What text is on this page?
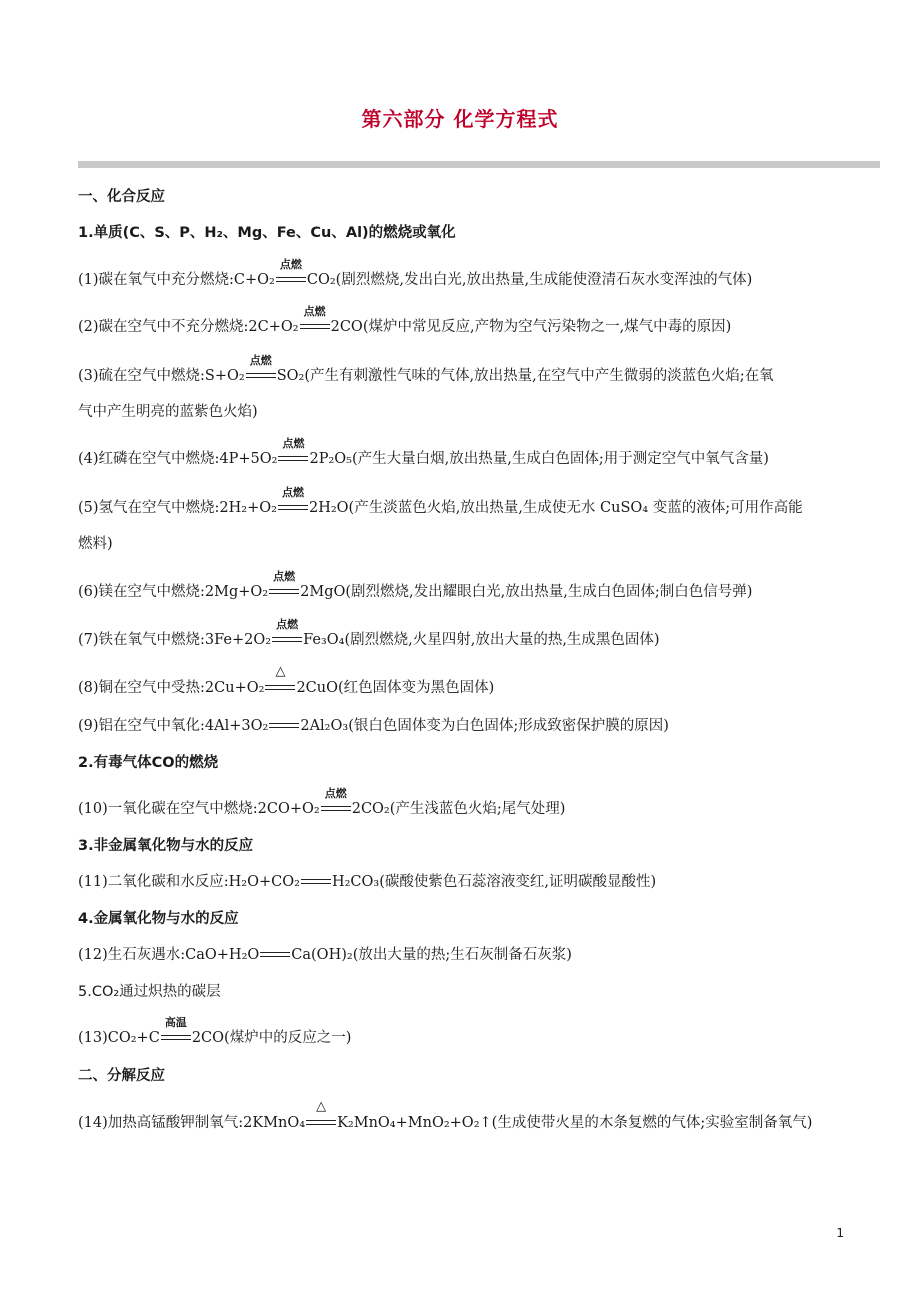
第六部分 化学方程式
一、化合反应
1.单质(C、S、P、H₂、Mg、Fe、Cu、Al)的燃烧或氧化
(1)碳在氧气中充分燃烧:C+O₂
点燃
CO₂(剧烈燃烧,发出白光,放出热量,生成能使澄清石灰水变浑浊的气体)
(2)碳在空气中不充分燃烧:2C+O₂
点燃
2CO(煤炉中常见反应,产物为空气污染物之一,煤气中毒的原因)
(3)硫在空气中燃烧:S+O₂
点燃
SO₂(产生有刺激性气味的气体,放出热量,在空气中产生微弱的淡蓝色火焰;在氧
气中产生明亮的蓝紫色火焰)
(4)红磷在空气中燃烧:4P+5O₂
点燃
2P₂O₅(产生大量白烟,放出热量,生成白色固体;用于测定空气中氧气含量)
(5)氢气在空气中燃烧:2H₂+O₂
点燃
2H₂O(产生淡蓝色火焰,放出热量,生成使无水 CuSO₄ 变蓝的液体;可用作高能
燃料)
(6)镁在空气中燃烧:2Mg+O₂
点燃
2MgO(剧烈燃烧,发出耀眼白光,放出热量,生成白色固体;制白色信号弹)
(7)铁在氧气中燃烧:3Fe+2O₂
点燃
Fe₃O₄(剧烈燃烧,火星四射,放出大量的热,生成黑色固体)
(8)铜在空气中受热:2Cu+O₂
△
2CuO(红色固体变为黑色固体)
(9)铝在空气中氧化:4Al+3O₂ 2Al₂O₃(银白色固体变为白色固体;形成致密保护膜的原因)
2.有毒气体CO的燃烧
(10)一氧化碳在空气中燃烧:2CO+O₂
点燃
2CO₂(产生浅蓝色火焰;尾气处理)
3.非金属氧化物与水的反应
(11)二氧化碳和水反应:H₂O+CO₂ H₂CO₃(碳酸使紫色石蕊溶液变红,证明碳酸显酸性)
4.金属氧化物与水的反应
(12)生石灰遇水:CaO+H₂O Ca(OH)₂(放出大量的热;生石灰制备石灰浆)
5.CO₂通过炽热的碳层
(13)CO₂+C
高温
2CO(煤炉中的反应之一)
二、分解反应
(14)加热高锰酸钾制氧气:2KMnO₄
△
K₂MnO₄+MnO₂+O₂↑(生成使带火星的木条复燃的气体;实验室制备氧气)
1
